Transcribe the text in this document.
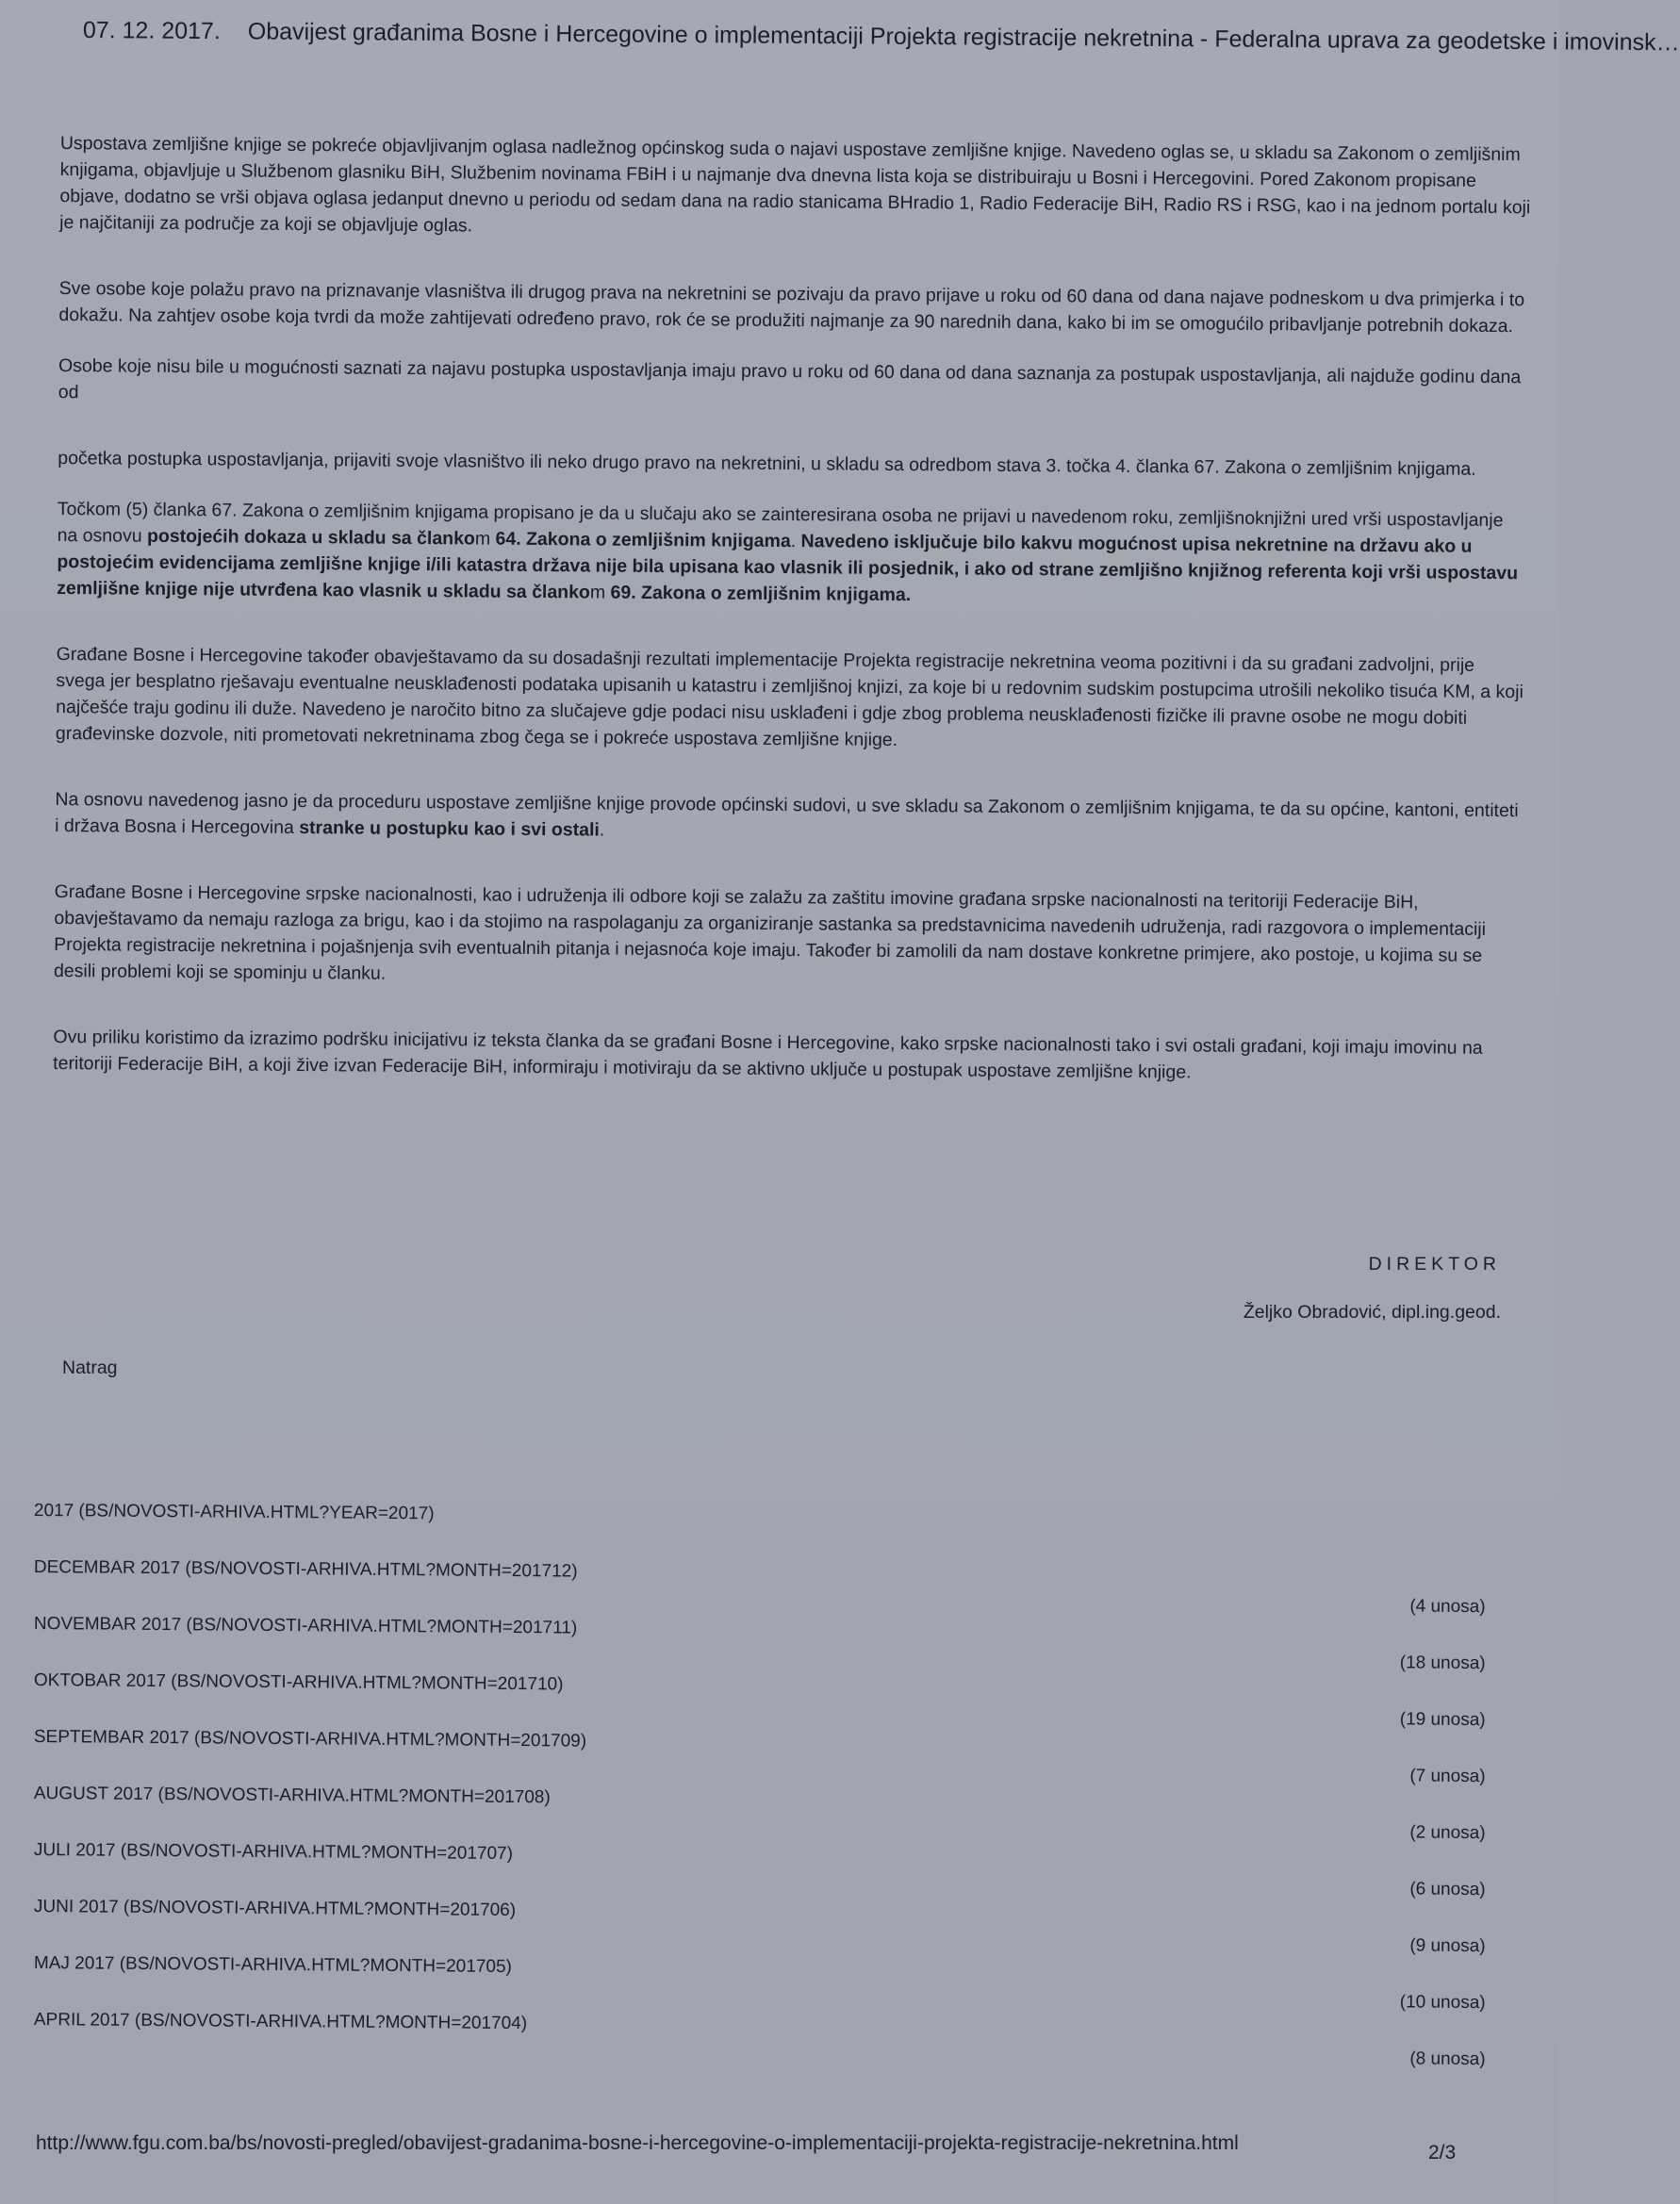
07. 12. 2017. Obavijest građanima Bosne i Hercegovine o implementaciji Projekta registracije nekretnina - Federalna uprava za geodetske i imovinsk…

Uspostava zemljišne knjige se pokreće objavljivanjm oglasa nadležnog općinskog suda o najavi uspostave zemljišne knjige. Navedeno oglas se, u skladu sa Zakonom o zemljišnim knjigama, objavljuje u Službenom glasniku BiH, Službenim novinama FBiH i u najmanje dva dnevna lista koja se distribuiraju u Bosni i Hercegovini. Pored Zakonom propisane objave, dodatno se vrši objava oglasa jedanput dnevno u periodu od sedam dana na radio stanicama BHradio 1, Radio Federacije BiH, Radio RS i RSG, kao i na jednom portalu koji je najčitaniji za područje za koji se objavljuje oglas.

Sve osobe koje polažu pravo na priznavanje vlasništva ili drugog prava na nekretnini se pozivaju da pravo prijave u roku od 60 dana od dana najave podneskom u dva primjerka i to dokažu. Na zahtjev osobe koja tvrdi da može zahtijevati određeno pravo, rok će se produžiti najmanje za 90 narednih dana, kako bi im se omogućilo pribavljanje potrebnih dokaza.

Osobe koje nisu bile u mogućnosti saznati za najavu postupka uspostavljanja imaju pravo u roku od 60 dana od dana saznanja za postupak uspostavljanja, ali najduže godinu dana od

početka postupka uspostavljanja, prijaviti svoje vlasništvo ili neko drugo pravo na nekretnini, u skladu sa odredbom stava 3. točka 4. članka 67. Zakona o zemljišnim knjigama.

Točkom (5) članka 67. Zakona o zemljišnim knjigama propisano je da u slučaju ako se zainteresirana osoba ne prijavi u navedenom roku, zemljišnoknjižni ured vrši uspostavljanje na osnovu postojećih dokaza u skladu sa člankom 64. Zakona o zemljišnim knjigama. Navedeno isključuje bilo kakvu mogućnost upisa nekretnine na državu ako u postojećim evidencijama zemljišne knjige i/ili katastra država nije bila upisana kao vlasnik ili posjednik, i ako od strane zemljišno knjižnog referenta koji vrši uspostavu zemljišne knjige nije utvrđena kao vlasnik u skladu sa člankom 69. Zakona o zemljišnim knjigama.

Građane Bosne i Hercegovine također obavještavamo da su dosadašnji rezultati implementacije Projekta registracije nekretnina veoma pozitivni i da su građani zadvoljni, prije svega jer besplatno rješavaju eventualne neusklađenosti podataka upisanih u katastru i zemljišnoj knjizi, za koje bi u redovnim sudskim postupcima utrošili nekoliko tisuća KM, a koji najčešće traju godinu ili duže. Navedeno je naročito bitno za slučajeve gdje podaci nisu usklađeni i gdje zbog problema neusklađenosti fizičke ili pravne osobe ne mogu dobiti građevinske dozvole, niti prometovati nekretninama zbog čega se i pokreće uspostava zemljišne knjige.

Na osnovu navedenog jasno je da proceduru uspostave zemljišne knjige provode općinski sudovi, u sve skladu sa Zakonom o zemljišnim knjigama, te da su općine, kantoni, entiteti i država Bosna i Hercegovina stranke u postupku kao i svi ostali.

Građane Bosne i Hercegovine srpske nacionalnosti, kao i udruženja ili odbore koji se zalažu za zaštitu imovine građana srpske nacionalnosti na teritoriji Federacije BiH, obavještavamo da nemaju razloga za brigu, kao i da stojimo na raspolaganju za organiziranje sastanka sa predstavnicima navedenih udruženja, radi razgovora o implementaciji Projekta registracije nekretnina i pojašnjenja svih eventualnih pitanja i nejasnoća koje imaju. Također bi zamolili da nam dostave konkretne primjere, ako postoje, u kojima su se desili problemi koji se spominju u članku.

Ovu priliku koristimo da izrazimo podršku inicijativu iz teksta članka da se građani Bosne i Hercegovine, kako srpske nacionalnosti tako i svi ostali građani, koji imaju imovinu na teritoriji Federacije BiH, a koji žive izvan Federacije BiH, informiraju i motiviraju da se aktivno uključe u postupak uspostave zemljišne knjige.

DIREKTOR
Željko Obradović, dipl.ing.geod.
Natrag
2017 (BS/NOVOSTI-ARHIVA.HTML?YEAR=2017)
DECEMBAR 2017 (BS/NOVOSTI-ARHIVA.HTML?MONTH=201712)
(4 unosa)
NOVEMBAR 2017 (BS/NOVOSTI-ARHIVA.HTML?MONTH=201711)
(18 unosa)
OKTOBAR 2017 (BS/NOVOSTI-ARHIVA.HTML?MONTH=201710)
(19 unosa)
SEPTEMBAR 2017 (BS/NOVOSTI-ARHIVA.HTML?MONTH=201709)
(7 unosa)
AUGUST 2017 (BS/NOVOSTI-ARHIVA.HTML?MONTH=201708)
(2 unosa)
JULI 2017 (BS/NOVOSTI-ARHIVA.HTML?MONTH=201707)
(6 unosa)
JUNI 2017 (BS/NOVOSTI-ARHIVA.HTML?MONTH=201706)
(9 unosa)
MAJ 2017 (BS/NOVOSTI-ARHIVA.HTML?MONTH=201705)
(10 unosa)
APRIL 2017 (BS/NOVOSTI-ARHIVA.HTML?MONTH=201704)
(8 unosa)
http://www.fgu.com.ba/bs/novosti-pregled/obavijest-gradanima-bosne-i-hercegovine-o-implementaciji-projekta-registracije-nekretnina.html	2/3
